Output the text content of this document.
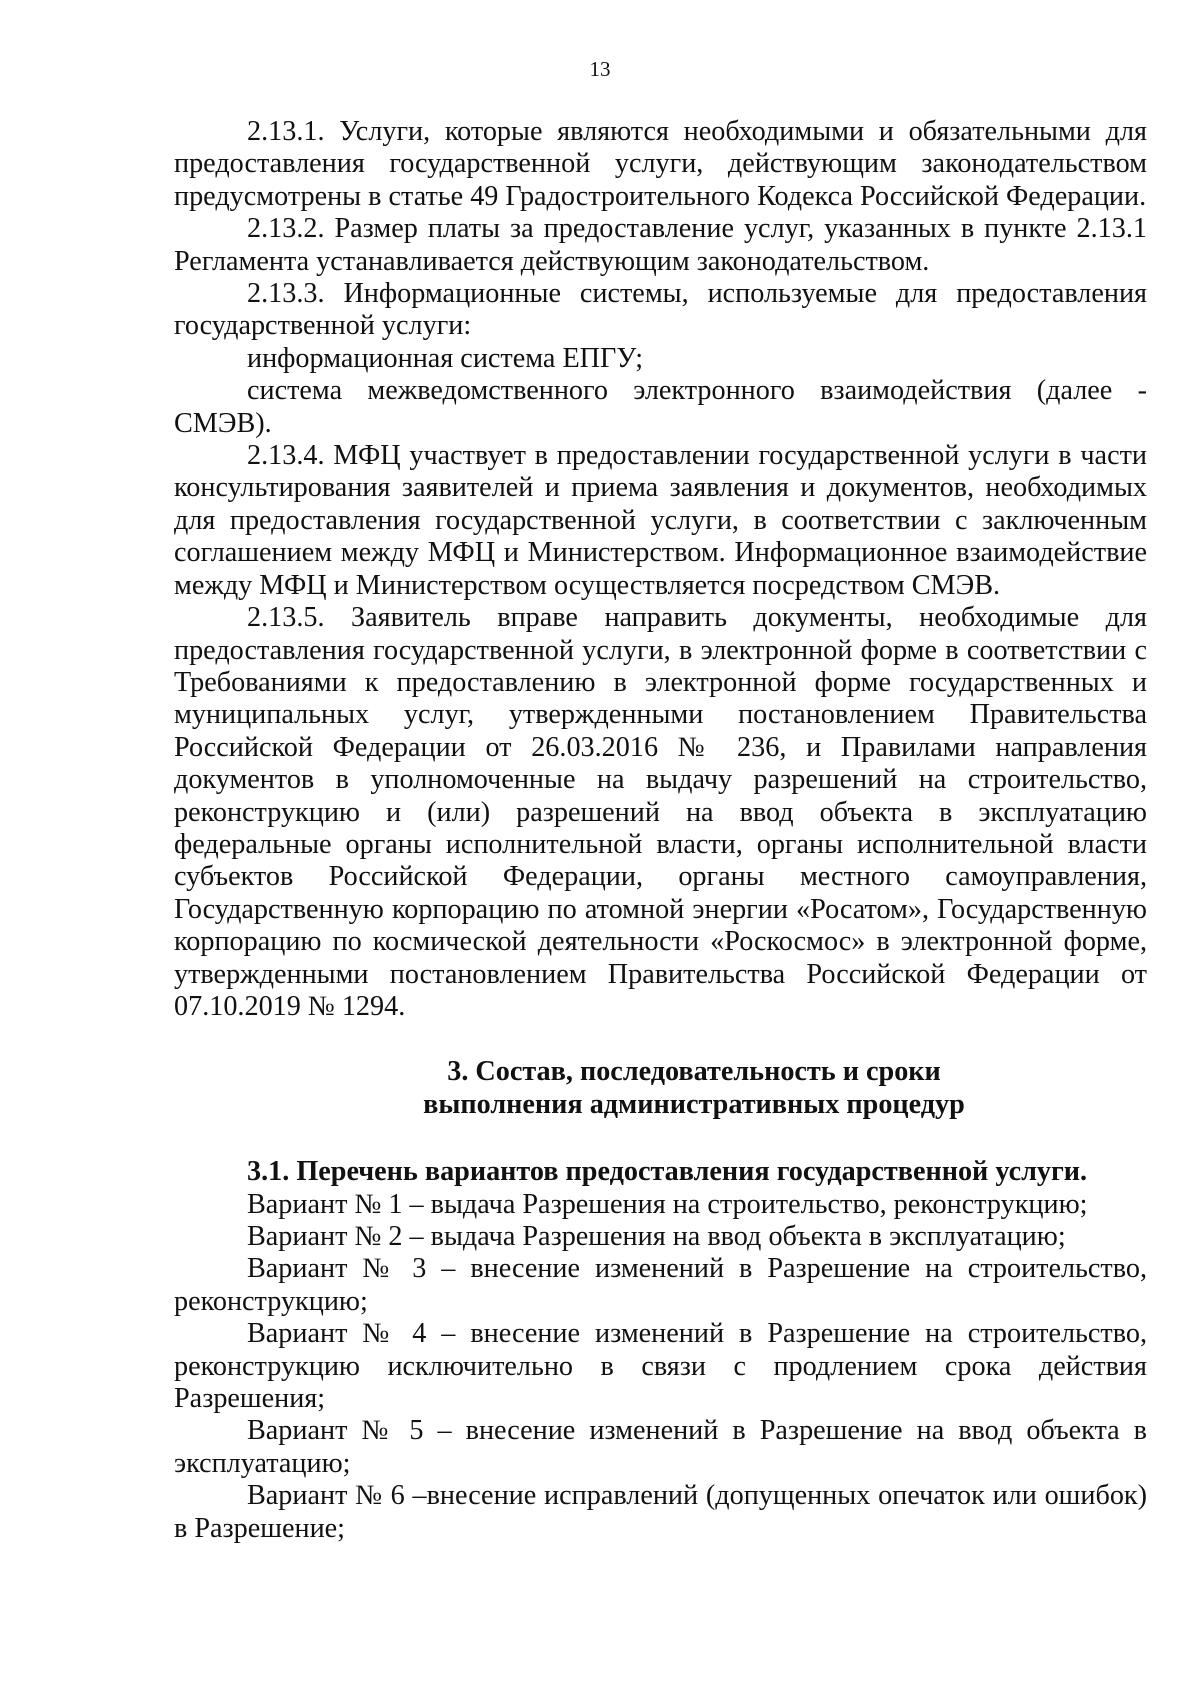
13

2.13.1. Услуги, которые являются необходимыми и обязательными для предоставления государственной услуги, действующим законодательством предусмотрены в статье 49 Градостроительного Кодекса Российской Федерации.

2.13.2. Размер платы за предоставление услуг, указанных в пункте 2.13.1 Регламента устанавливается действующим законодательством.

2.13.3. Информационные системы, используемые для предоставления государственной услуги:

информационная система ЕПГУ;

система межведомственного электронного взаимодействия (далее - СМЭВ).

2.13.4. МФЦ участвует в предоставлении государственной услуги в части консультирования заявителей и приема заявления и документов, необходимых для предоставления государственной услуги, в соответствии с заключенным соглашением между МФЦ и Министерством. Информационное взаимодействие между МФЦ и Министерством осуществляется посредством СМЭВ.

2.13.5. Заявитель вправе направить документы, необходимые для предоставления государственной услуги, в электронной форме в соответствии с Требованиями к предоставлению в электронной форме государственных и муниципальных услуг, утвержденными постановлением Правительства Российской Федерации от 26.03.2016 № 236, и Правилами направления документов в уполномоченные на выдачу разрешений на строительство, реконструкцию и (или) разрешений на ввод объекта в эксплуатацию федеральные органы исполнительной власти, органы исполнительной власти субъектов Российской Федерации, органы местного самоуправления, Государственную корпорацию по атомной энергии «Росатом», Государственную корпорацию по космической деятельности «Роскосмос» в электронной форме, утвержденными постановлением Правительства Российской Федерации от 07.10.2019 № 1294.

3. Состав, последовательность и сроки выполнения административных процедур

3.1. Перечень вариантов предоставления государственной услуги.

Вариант № 1 – выдача Разрешения на строительство, реконструкцию;

Вариант № 2 – выдача Разрешения на ввод объекта в эксплуатацию;

Вариант № 3 – внесение изменений в Разрешение на строительство, реконструкцию;

Вариант № 4 – внесение изменений в Разрешение на строительство, реконструкцию исключительно в связи с продлением срока действия Разрешения;

Вариант № 5 – внесение изменений в Разрешение на ввод объекта в эксплуатацию;

Вариант № 6 –внесение исправлений (допущенных опечаток или ошибок) в Разрешение;
